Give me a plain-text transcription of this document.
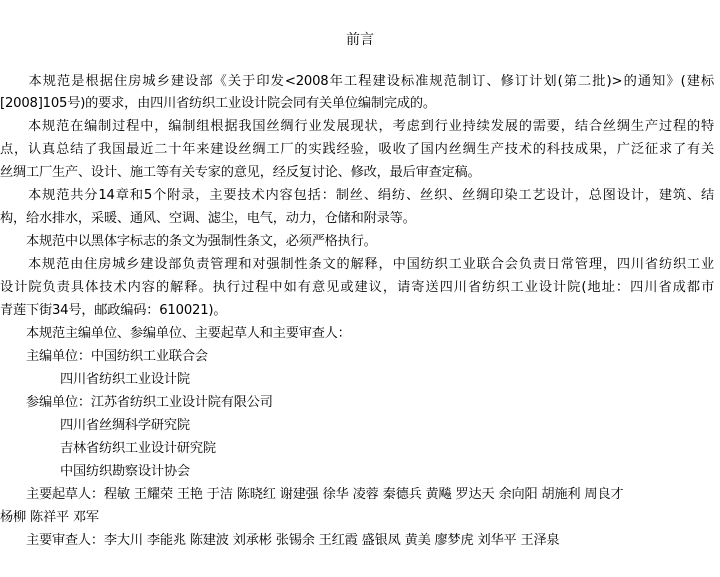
前言
　　本规范是根据住房城乡建设部《关于印发<2008年工程建设标准规范制订、修订计划(第二批)>的通知》(建标
[2008]105号)的要求，由四川省纺织工业设计院会同有关单位编制完成的。
　　本规范在编制过程中，编制组根据我国丝绸行业发展现状，考虑到行业持续发展的需要，结合丝绸生产过程的特
点，认真总结了我国最近二十年来建设丝绸工厂的实践经验，吸收了国内丝绸生产技术的科技成果，广泛征求了有关
丝绸工厂生产、设计、施工等有关专家的意见，经反复讨论、修改，最后审查定稿。
　　本规范共分14章和5个附录，主要技术内容包括：制丝、绢纺、丝织、丝绸印染工艺设计，总图设计，建筑、结
构，给水排水，采暖、通风、空调、滤尘，电气，动力，仓储和附录等。
　　本规范中以黑体字标志的条文为强制性条文，必须严格执行。
　　本规范由住房城乡建设部负责管理和对强制性条文的解释，中国纺织工业联合会负责日常管理，四川省纺织工业
设计院负责具体技术内容的解释。执行过程中如有意见或建议，请寄送四川省纺织工业设计院(地址：四川省成都市
青莲下街34号，邮政编码：610021)。
　　本规范主编单位、参编单位、主要起草人和主要审查人：
　　主编单位：中国纺织工业联合会
四川省纺织工业设计院
　　参编单位：江苏省纺织工业设计院有限公司
四川省丝绸科学研究院
吉林省纺织工业设计研究院
中国纺织勘察设计协会
　　主要起草人：程敏 王耀荣 王艳 于洁 陈晓红 谢建强 徐华 凌蓉 秦德兵 黄飚 罗达天 余向阳 胡施利 周良才
杨柳 陈祥平 邓军
　　主要审查人：李大川 李能兆 陈建波 刘承彬 张锡余 王红霞 盛银凤 黄美 廖梦虎 刘华平 王泽泉
